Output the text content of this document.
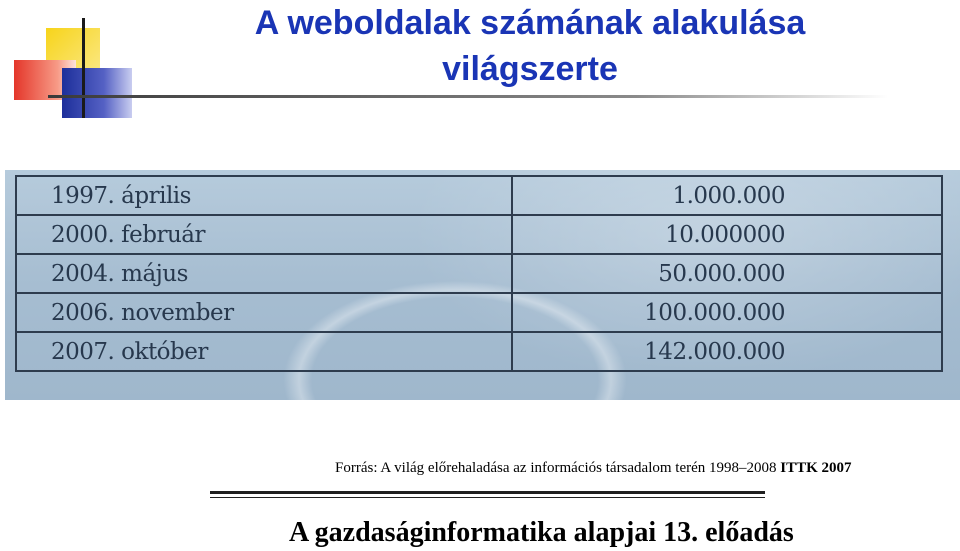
A weboldalak számának alakulása
világszerte
1997. április	1.000.000
2000. február	10.000000
2004. május	50.000.000
2006. november	100.000.000
2007. október	142.000.000
Forrás: A világ előrehaladása az információs társadalom terén 1998–2008 ITTK 2007
A gazdaságinformatika alapjai 13. előadás
